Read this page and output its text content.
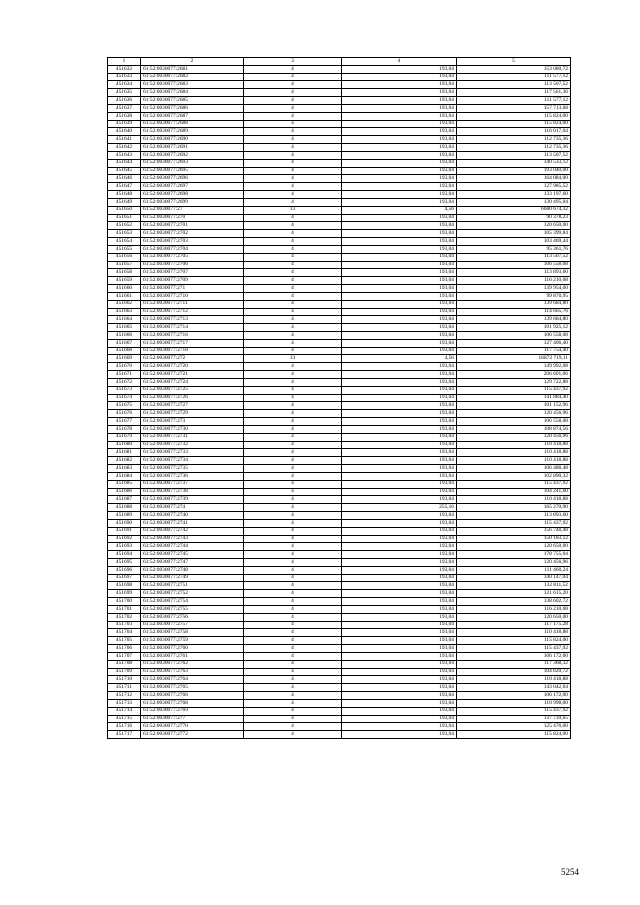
1	2	3	4	5
451632	61:52:0030077:2681	4	193,04	153 080,72
451633	61:52:0030077:2682	4	193,04	111 577,12
451634	61:52:0030077:2683	4	193,04	113 507,52
451635	61:52:0030077:2684	4	193,04	117 561,36
451636	61:52:0030077:2685	4	193,04	111 577,12
451637	61:52:0030077:2686	4	193,04	157 713,68
451638	61:52:0030077:2687	4	193,04	115 824,00
451639	61:52:0030077:2688	4	193,04	115 824,00
451640	61:52:0030077:2689	4	193,04	116 017,04
451641	61:52:0030077:2690	4	193,04	112 735,36
451642	61:52:0030077:2691	4	193,04	112 735,36
451643	61:52:0030077:2692	4	193,04	113 507,52
451644	61:52:0030077:2693	4	193,04	140 533,12
451645	61:52:0030077:2695	4	193,04	193 040,00
451646	61:52:0030077:2696	4	193,04	164 084,00
451647	61:52:0030077:2697	4	193,04	127 985,52
451648	61:52:0030077:2698	4	193,04	133 197,60
451649	61:52:0030077:2699	4	193,04	130 495,04
451650	61:52:0030077:27	13	4,56	6680 674,32
451651	61:52:0030077:270	4	193,04	90 378,23
451652	61:52:0030077:2701	4	193,04	120 650,00
451653	61:52:0030077:2702	4	193,04	105 399,84
451654	61:52:0030077:2703	4	193,04	103 469,44
451655	61:52:0030077:2704	4	193,04	95 361,76
451656	61:52:0030077:2705	4	193,04	113 507,52
451657	61:52:0030077:2706	4	193,04	106 558,08
451658	61:52:0030077:2707	4	193,04	113 893,60
451659	61:52:0030077:2709	4	193,04	116 210,08
451660	61:52:0030077:271	4	193,04	139 954,00
451661	61:52:0030077:2710	4	193,04	99 870,95
451662	61:52:0030077:2711	4	193,04	139 684,80
451663	61:52:0030077:2712	4	193,04	114 665,76
451664	61:52:0030077:2713	4	193,04	139 684,80
451665	61:52:0030077:2714	4	193,04	101 925,12
451666	61:52:0030077:2716	4	193,04	106 558,08
451667	61:52:0030077:2717	4	193,04	127 406,40
451668	61:52:0030077:2718	4	193,04	117 754,40
451669	61:52:0030077:272	13	4,56	16872 719,11
451670	61:52:0030077:2720	4	193,04	149 992,08
451671	61:52:0030077:2721	4	193,04	206 601,06
451672	61:52:0030077:2724	4	193,04	129 722,88
451673	61:52:0030077:2725	4	193,04	115 437,92
451674	61:52:0030077:2726	4	193,04	141 884,40
451675	61:52:0030077:2727	4	193,04	101 152,96
451676	61:52:0030077:2729	4	193,04	120 456,96
451677	61:52:0030077:273	4	193,04	106 558,08
451678	61:52:0030077:2730	4	193,04	108 874,56
451679	61:52:0030077:2731	4	193,04	120 456,96
451680	61:52:0030077:2732	4	193,04	110 418,88
451681	61:52:0030077:2733	4	193,04	110 418,88
451682	61:52:0030077:2734	4	193,04	110 418,88
451683	61:52:0030077:2735	4	193,04	106 488,48
451684	61:52:0030077:2736	4	193,04	102 890,32
451685	61:52:0030077:2737	4	193,04	115 437,92
451686	61:52:0030077:2738	4	193,04	104 241,60
451687	61:52:0030077:2739	4	193,04	110 418,88
451688	61:52:0030077:274	4	255,16	165 270,90
451689	61:52:0030077:2740	4	193,04	113 893,60
451690	61:52:0030077:2741	4	193,04	115 437,92
451691	61:52:0030077:2742	4	193,04	156 748,48
451692	61:52:0030077:2743	4	193,04	150 183,12
451693	61:52:0030077:2744	4	193,04	120 650,00
451694	61:52:0030077:2745	4	193,04	178 755,04
451695	61:52:0030077:2747	4	193,04	120 456,96
451696	61:52:0030077:2748	4	193,04	111 460,24
451697	61:52:0030077:2749	4	193,04	140 147,04
451698	61:52:0030077:2751	4	193,04	132 811,52
451699	61:52:0030077:2752	4	193,04	121 615,20
451700	61:52:0030077:2754	4	193,04	138 602,72
451701	61:52:0030077:2755	4	193,04	116 210,08
451702	61:52:0030077:2756	4	193,04	120 650,00
451703	61:52:0030077:2757	4	193,04	117 175,28
451704	61:52:0030077:2758	4	193,04	110 418,88
451705	61:52:0030077:2759	4	193,04	115 824,00
451706	61:52:0030077:2760	4	193,04	115 437,92
451707	61:52:0030077:2761	4	193,04	106 172,00
451708	61:52:0030077:2762	4	193,04	117 368,32
451709	61:52:0030077:2763	4	193,04	104 820,72
451710	61:52:0030077:2764	4	193,04	110 418,88
451711	61:52:0030077:2765	4	193,04	143 042,64
451712	61:52:0030077:2766	4	193,04	106 172,00
451713	61:52:0030077:2768	4	193,04	110 998,00
451714	61:52:0030077:2769	4	193,04	115 437,92
451715	61:52:0030077:277	4	193,04	137 739,65
451716	61:52:0030077:2770	4	193,04	125 476,00
451717	61:52:0030077:2772	4	193,04	115 824,00
5254
